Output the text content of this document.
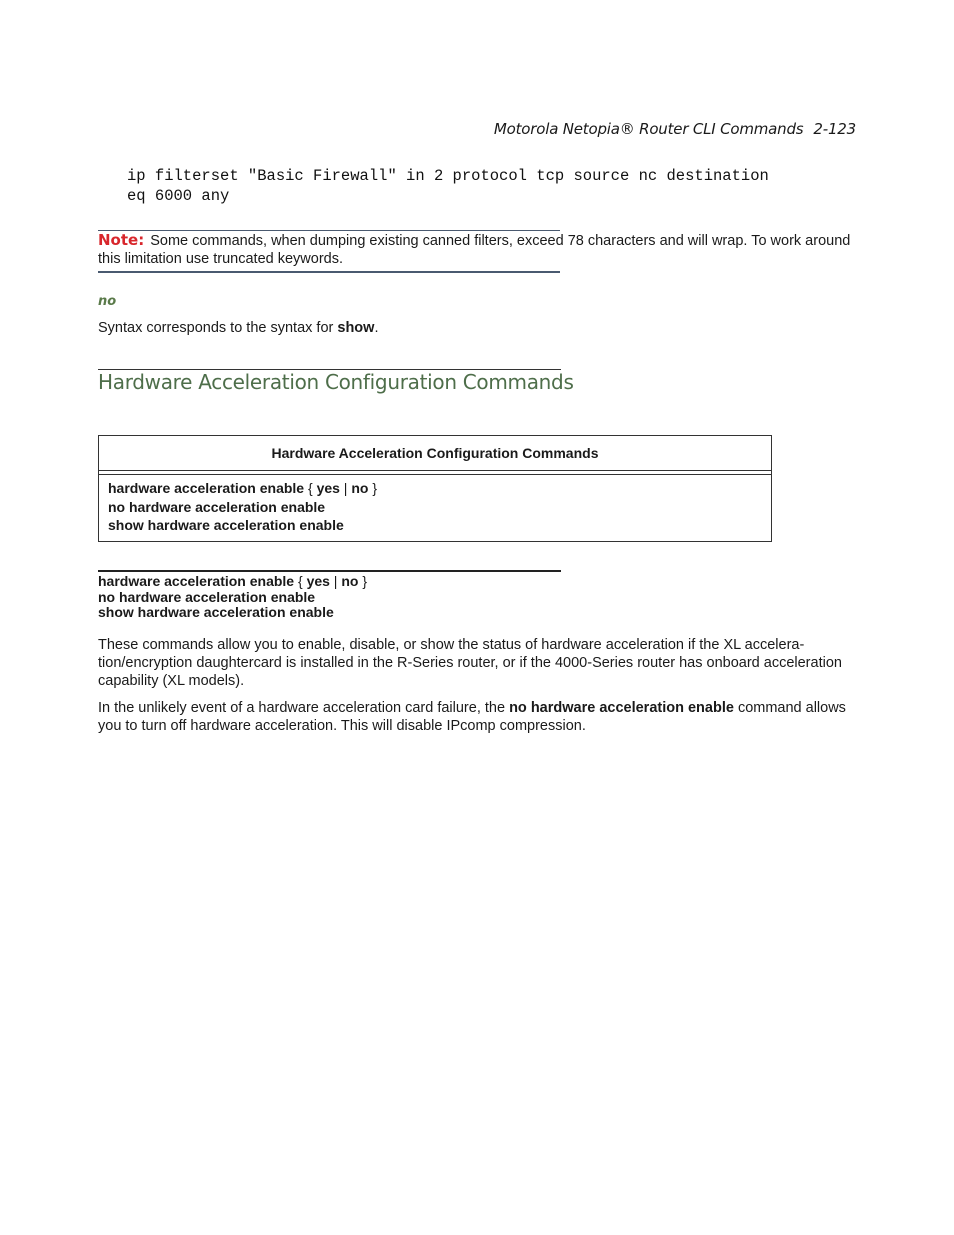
Motorola Netopia® Router CLI Commands 2-123
ip filterset "Basic Firewall" in 2 protocol tcp source nc destination
eq 6000 any
Note: Some commands, when dumping existing canned filters, exceed 78 characters and will wrap. To work around this limitation use truncated keywords.
no
Syntax corresponds to the syntax for show.
Hardware Acceleration Configuration Commands
Hardware Acceleration Configuration Commands
hardware acceleration enable { yes | no }
no hardware acceleration enable
show hardware acceleration enable
hardware acceleration enable { yes | no }
no hardware acceleration enable
show hardware acceleration enable
These commands allow you to enable, disable, or show the status of hardware acceleration if the XL accelera-tion/encryption daughtercard is installed in the R-Series router, or if the 4000-Series router has onboard acceleration capability (XL models).
In the unlikely event of a hardware acceleration card failure, the no hardware acceleration enable command allows you to turn off hardware acceleration. This will disable IPcomp compression.
